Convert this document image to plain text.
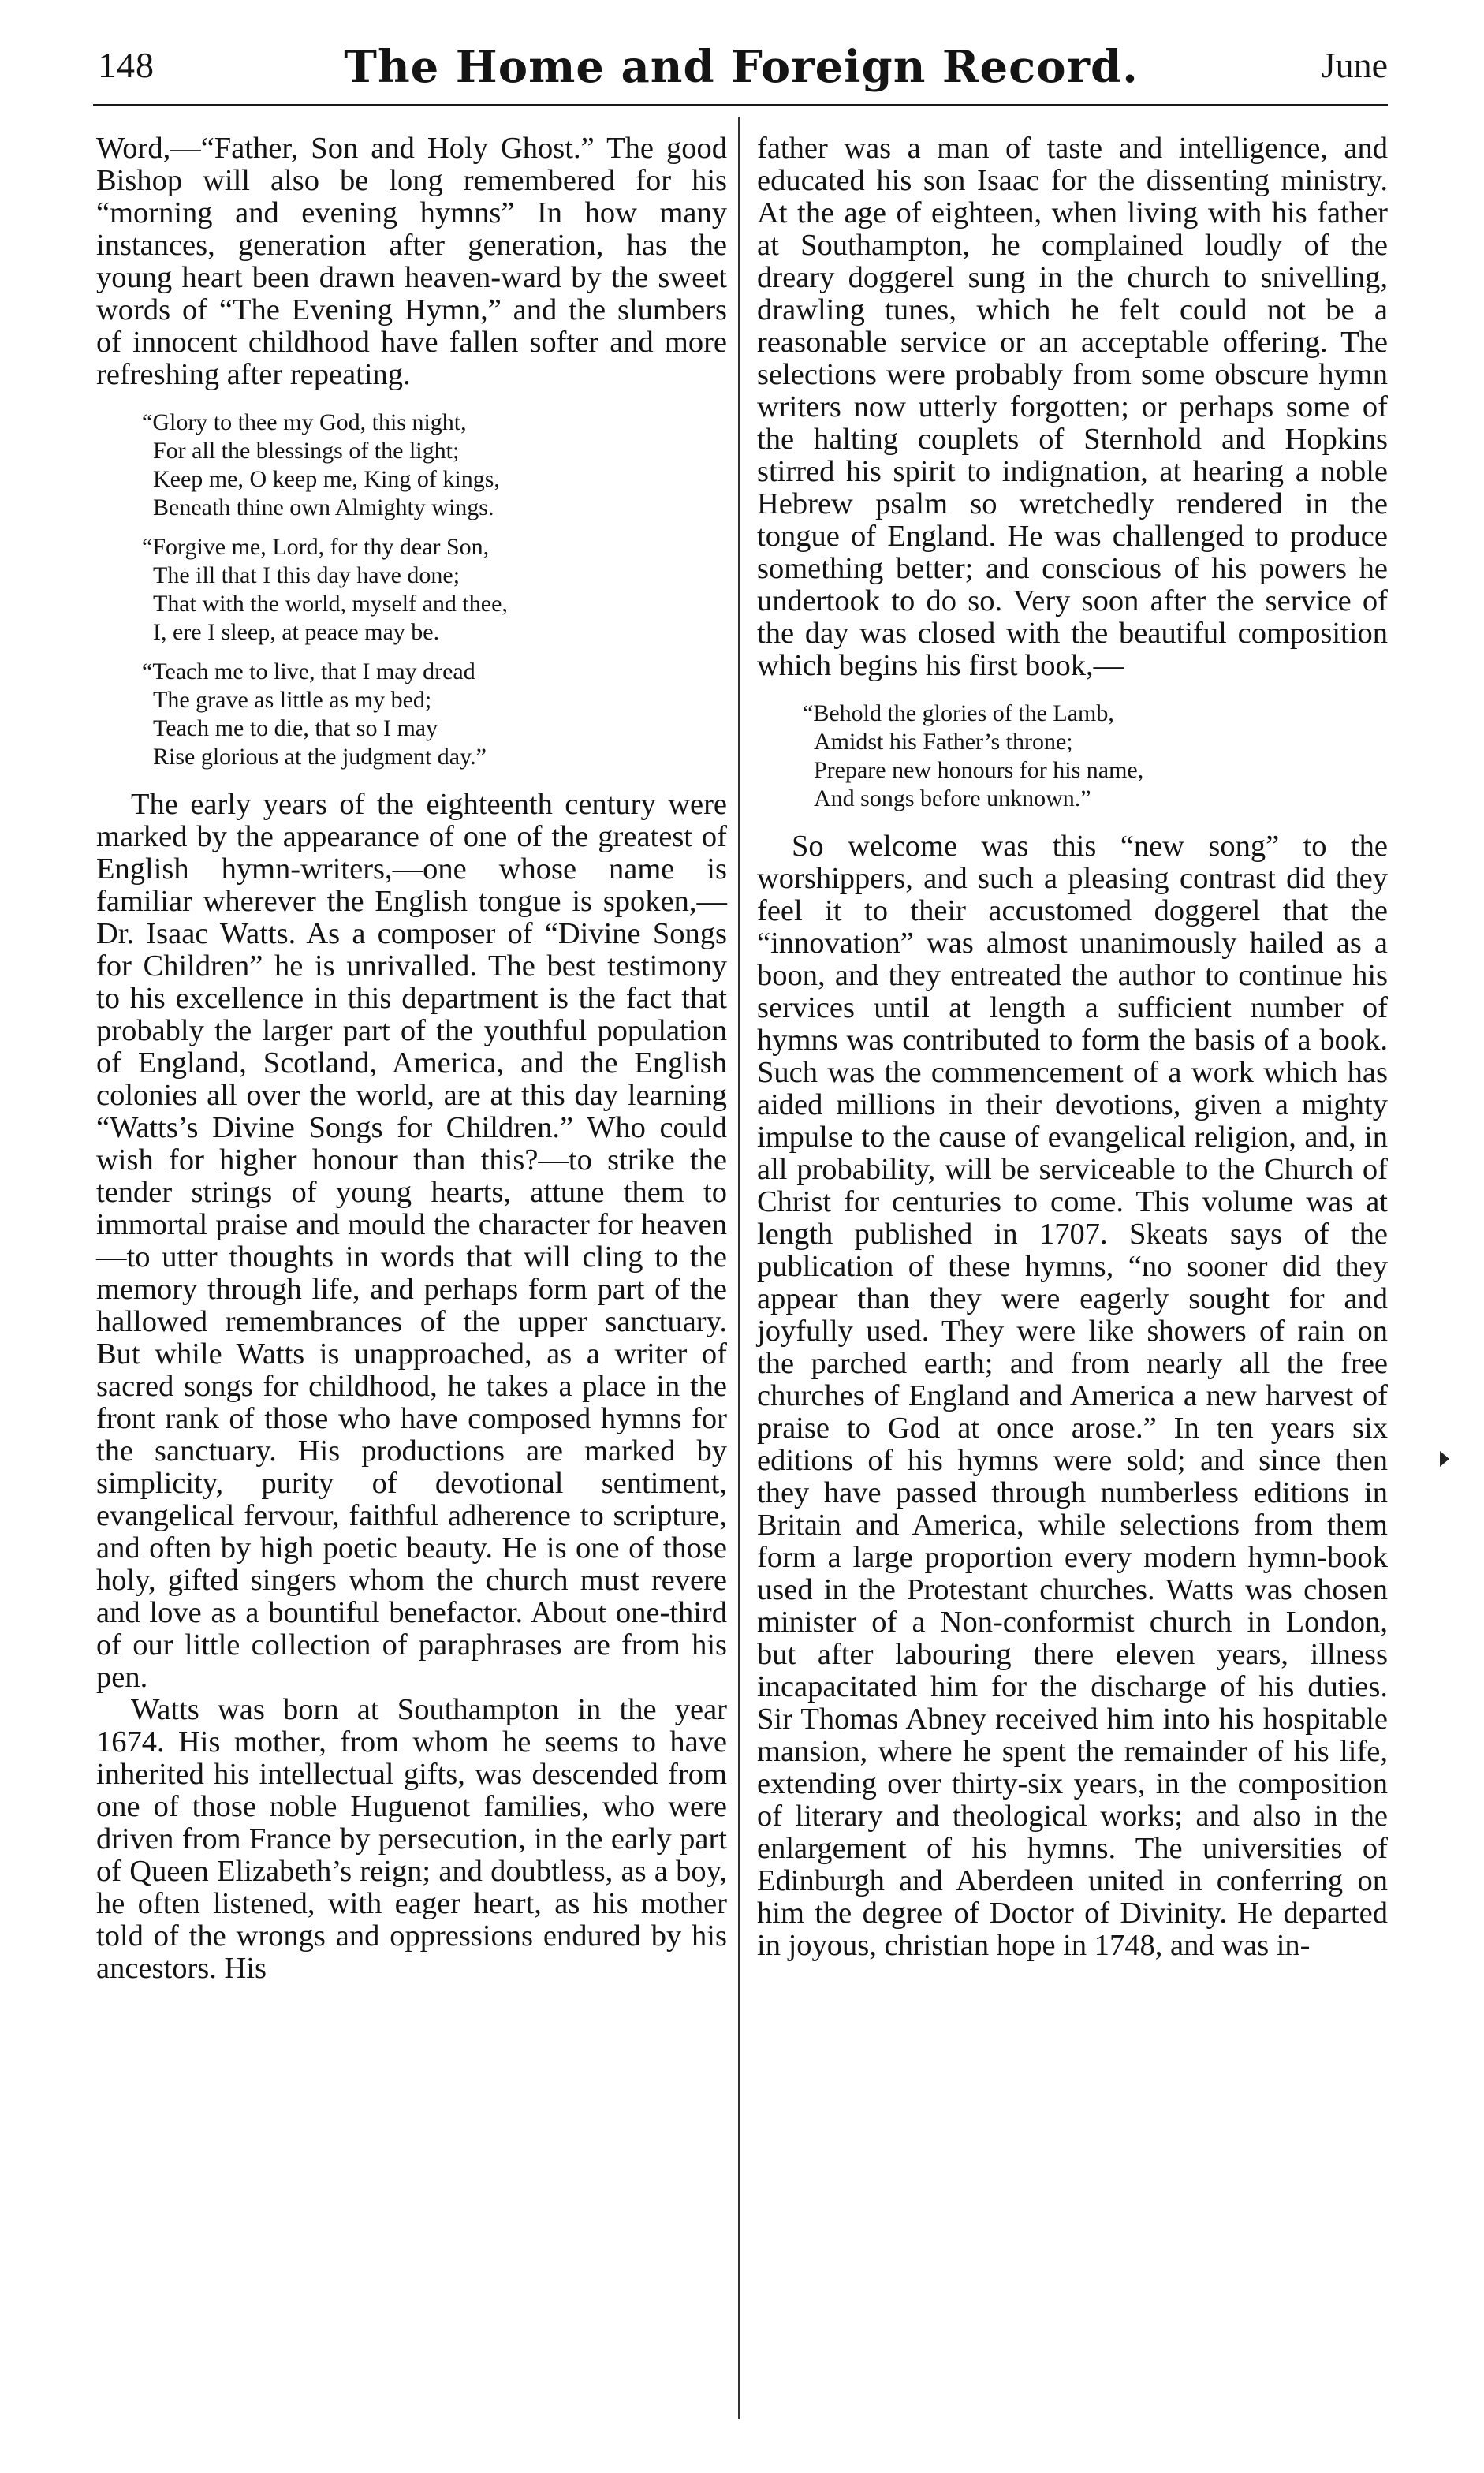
148	The Home and Foreign Record.	June

Word,—“Father, Son and Holy Ghost.” The good Bishop will also be long remembered for his “morning and evening hymns” In how many instances, generation after generation, has the young heart been drawn heaven-ward by the sweet words of “The Evening Hymn,” and the slumbers of innocent childhood have fallen softer and more refreshing after repeating.

“Glory to thee my God, this night,
For all the blessings of the light;
Keep me, O keep me, King of kings,
Beneath thine own Almighty wings.
“Forgive me, Lord, for thy dear Son,
The ill that I this day have done;
That with the world, myself and thee,
I, ere I sleep, at peace may be.
“Teach me to live, that I may dread
The grave as little as my bed;
Teach me to die, that so I may
Rise glorious at the judgment day.”

The early years of the eighteenth century were marked by the appearance of one of the greatest of English hymn-writers,—one whose name is familiar wherever the English tongue is spoken,—Dr. Isaac Watts. As a composer of “Divine Songs for Children” he is unrivalled. The best testimony to his excellence in this department is the fact that probably the larger part of the youthful population of England, Scotland, America, and the English colonies all over the world, are at this day learning “Watts’s Divine Songs for Children.” Who could wish for higher honour than this?—to strike the tender strings of young hearts, attune them to immortal praise and mould the character for heaven—to utter thoughts in words that will cling to the memory through life, and perhaps form part of the hallowed remembrances of the upper sanctuary. But while Watts is unapproached, as a writer of sacred songs for childhood, he takes a place in the front rank of those who have composed hymns for the sanctuary. His productions are marked by simplicity, purity of devotional sentiment, evangelical fervour, faithful adherence to scripture, and often by high poetic beauty. He is one of those holy, gifted singers whom the church must revere and love as a bountiful benefactor. About one-third of our little collection of paraphrases are from his pen.

Watts was born at Southampton in the year 1674. His mother, from whom he seems to have inherited his intellectual gifts, was descended from one of those noble Huguenot families, who were driven from France by persecution, in the early part of Queen Elizabeth’s reign; and doubtless, as a boy, he often listened, with eager heart, as his mother told of the wrongs and oppressions endured by his ancestors. His

father was a man of taste and intelligence, and educated his son Isaac for the dissenting ministry. At the age of eighteen, when living with his father at Southampton, he complained loudly of the dreary doggerel sung in the church to snivelling, drawling tunes, which he felt could not be a reasonable service or an acceptable offering. The selections were probably from some obscure hymn writers now utterly forgotten; or perhaps some of the halting couplets of Sternhold and Hopkins stirred his spirit to indignation, at hearing a noble Hebrew psalm so wretchedly rendered in the tongue of England. He was challenged to produce something better; and conscious of his powers he undertook to do so. Very soon after the service of the day was closed with the beautiful composition which begins his first book,—

“Behold the glories of the Lamb,
Amidst his Father’s throne;
Prepare new honours for his name,
And songs before unknown.”

So welcome was this “new song” to the worshippers, and such a pleasing contrast did they feel it to their accustomed doggerel that the “innovation” was almost unanimously hailed as a boon, and they entreated the author to continue his services until at length a sufficient number of hymns was contributed to form the basis of a book. Such was the commencement of a work which has aided millions in their devotions, given a mighty impulse to the cause of evangelical religion, and, in all probability, will be serviceable to the Church of Christ for centuries to come. This volume was at length published in 1707. Skeats says of the publication of these hymns, “no sooner did they appear than they were eagerly sought for and joyfully used. They were like showers of rain on the parched earth; and from nearly all the free churches of England and America a new harvest of praise to God at once arose.” In ten years six editions of his hymns were sold; and since then they have passed through numberless editions in Britain and America, while selections from them form a large proportion every modern hymn-book used in the Protestant churches. Watts was chosen minister of a Non-conformist church in London, but after labouring there eleven years, illness incapacitated him for the discharge of his duties. Sir Thomas Abney received him into his hospitable mansion, where he spent the remainder of his life, extending over thirty-six years, in the composition of literary and theological works; and also in the enlargement of his hymns. The universities of Edinburgh and Aberdeen united in conferring on him the degree of Doctor of Divinity. He departed in joyous, christian hope in 1748, and was in-
